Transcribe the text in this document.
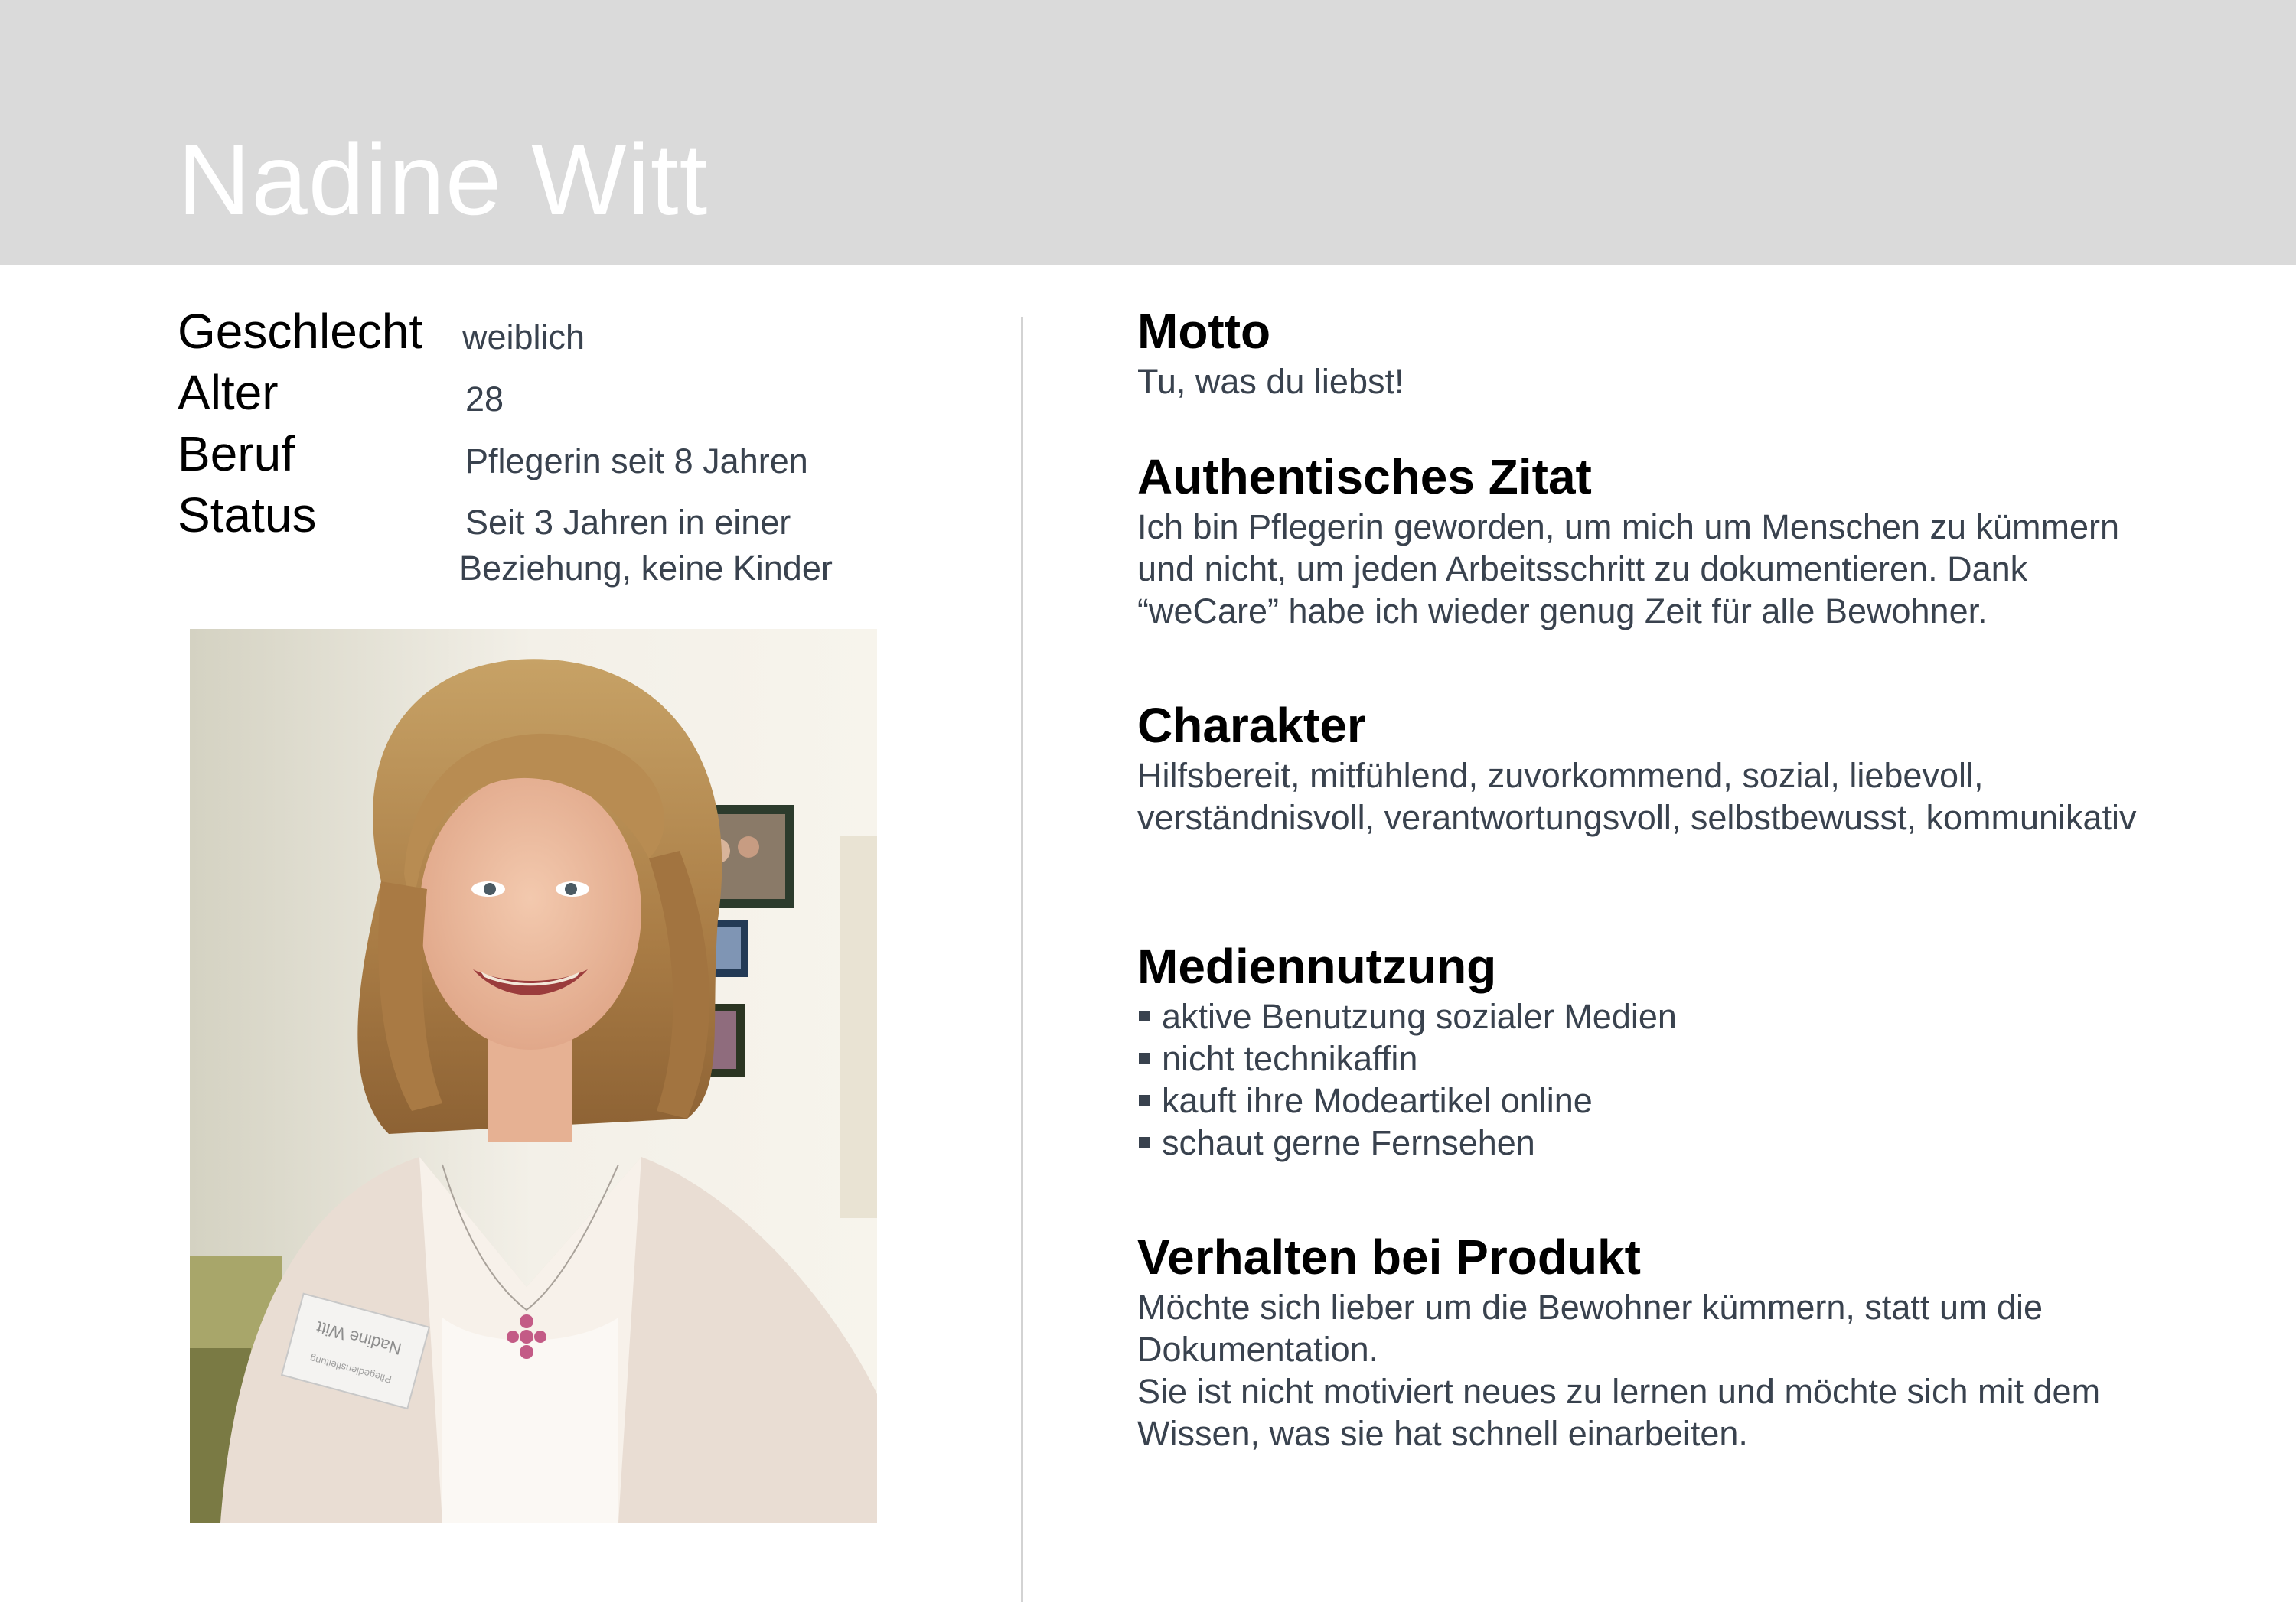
Nadine Witt
Geschlecht weiblich
Alter	28
Beruf	Pflegerin seit 8 Jahren
Status	Seit 3 Jahren in einer
Beziehung, keine Kinder
Nadine Witt
Pflegedienstleitung
Motto

Tu, was du liebst!

Authentisches Zitat

Ich bin Pflegerin geworden, um mich um Menschen zu kümmern und nicht, um jeden Arbeitsschritt zu dokumentieren. Dank “weCare” habe ich wieder genug Zeit für alle Bewohner.

Charakter

Hilfsbereit, mitfühlend, zuvorkommend, sozial, liebevoll, verständnisvoll, verantwortungsvoll, selbstbewusst, kommunikativ

Mediennutzung
aktive Benutzung sozialer Medien
nicht technikaffin
kauft ihre Modeartikel online
schaut gerne Fernsehen
Verhalten bei Produkt

Möchte sich lieber um die Bewohner kümmern, statt um die Dokumentation.

Sie ist nicht motiviert neues zu lernen und möchte sich mit dem Wissen, was sie hat schnell einarbeiten.
